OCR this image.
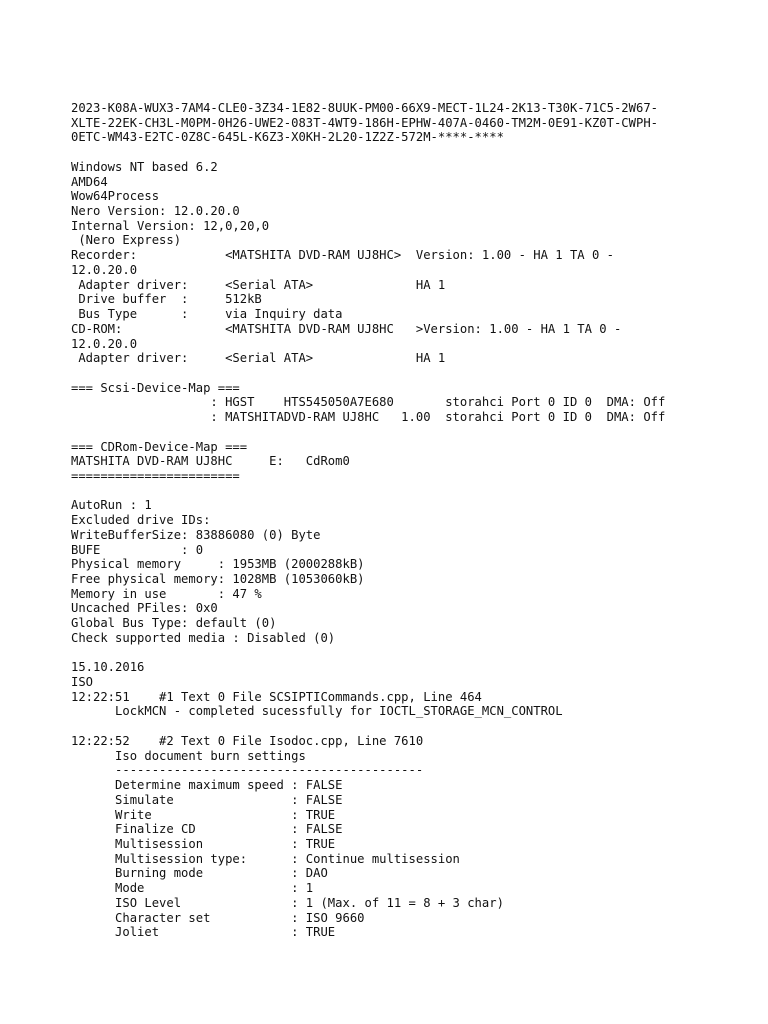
2023-K08A-WUX3-7AM4-CLE0-3Z34-1E82-8UUK-PM00-66X9-MECT-1L24-2K13-T30K-71C5-2W67-
XLTE-22EK-CH3L-M0PM-0H26-UWE2-083T-4WT9-186H-EPHW-407A-0460-TM2M-0E91-KZ0T-CWPH-
0ETC-WM43-E2TC-0Z8C-645L-K6Z3-X0KH-2L20-1Z2Z-572M-****-****
Windows NT based 6.2
AMD64
Wow64Process
Nero Version: 12.0.20.0
Internal Version: 12,0,20,0
(Nero Express)
Recorder:            <MATSHITA DVD-RAM UJ8HC>  Version: 1.00 - HA 1 TA 0 -
12.0.20.0
Adapter driver:     <Serial ATA>              HA 1
Drive buffer  :     512kB
Bus Type      :     via Inquiry data
CD-ROM:              <MATSHITA DVD-RAM UJ8HC   >Version: 1.00 - HA 1 TA 0 -
12.0.20.0
Adapter driver:     <Serial ATA>              HA 1
=== Scsi-Device-Map ===
: HGST    HTS545050A7E680       storahci Port 0 ID 0  DMA: Off
: MATSHITADVD-RAM UJ8HC   1.00  storahci Port 0 ID 0  DMA: Off
=== CDRom-Device-Map ===
MATSHITA DVD-RAM UJ8HC     E:   CdRom0
=======================
AutoRun : 1
Excluded drive IDs:
WriteBufferSize: 83886080 (0) Byte
BUFE           : 0
Physical memory     : 1953MB (2000288kB)
Free physical memory: 1028MB (1053060kB)
Memory in use       : 47 %
Uncached PFiles: 0x0
Global Bus Type: default (0)
Check supported media : Disabled (0)
15.10.2016
ISO
12:22:51    #1 Text 0 File SCSIPTICommands.cpp, Line 464
LockMCN - completed sucessfully for IOCTL_STORAGE_MCN_CONTROL
12:22:52    #2 Text 0 File Isodoc.cpp, Line 7610
Iso document burn settings
------------------------------------------
Determine maximum speed : FALSE
Simulate                : FALSE
Write                   : TRUE
Finalize CD             : FALSE
Multisession            : TRUE
Multisession type:      : Continue multisession
Burning mode            : DAO
Mode                    : 1
ISO Level               : 1 (Max. of 11 = 8 + 3 char)
Character set           : ISO 9660
Joliet                  : TRUE
